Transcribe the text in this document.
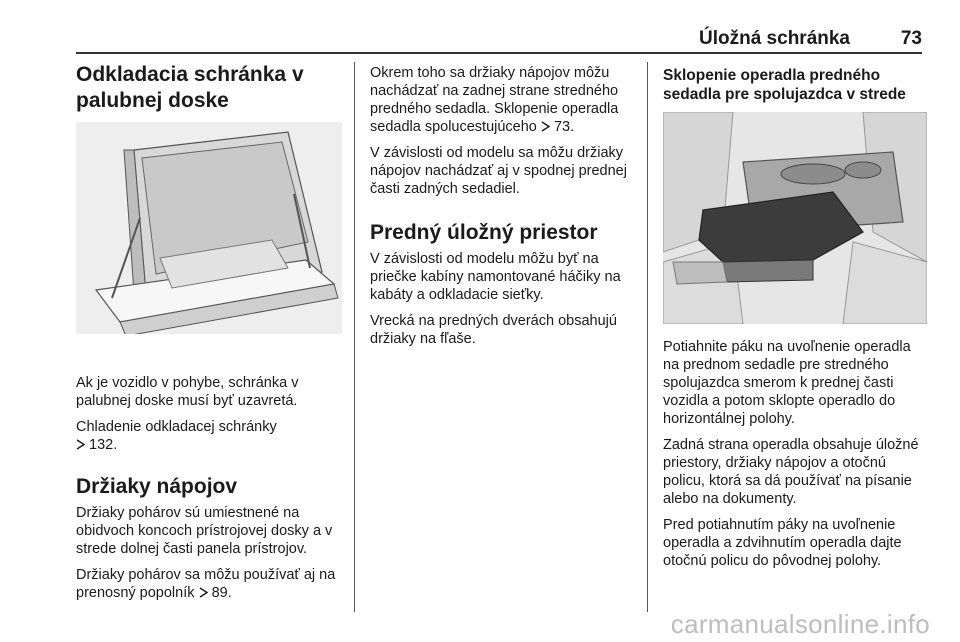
Úložná schránka	73
Odkladacia schránka v palubnej doske

Ak je vozidlo v pohybe, schránka v palubnej doske musí byť uzavretá.

Chladenie odkladacej schránky
132.

Držiaky nápojov

Držiaky pohárov sú umiestnené na obidvoch koncoch prístrojovej dosky a v strede dolnej časti panela prístrojov.

Držiaky pohárov sa môžu používať aj na prenosný popolník 89.

Okrem toho sa držiaky nápojov môžu nachádzať na zadnej strane stredného predného sedadla. Sklopenie operadla sedadla spolucestujúceho 73.

V závislosti od modelu sa môžu držiaky nápojov nachádzať aj v spodnej prednej časti zadných sedadiel.

Predný úložný priestor

V závislosti od modelu môžu byť na priečke kabíny namontované háčiky na kabáty a odkladacie sieťky.

Vrecká na predných dverách obsahujú držiaky na fľaše.

Sklopenie operadla predného sedadla pre spolujazdca v strede

Potiahnite páku na uvoľnenie operadla na prednom sedadle pre stredného spolujazdca smerom k prednej časti vozidla a potom sklopte operadlo do horizontálnej polohy.

Zadná strana operadla obsahuje úložné priestory, držiaky nápojov a otočnú policu, ktorá sa dá používať na písanie alebo na dokumenty.

Pred potiahnutím páky na uvoľnenie operadla a zdvihnutím operadla dajte otočnú policu do pôvodnej polohy.

carmanualsonline.info
